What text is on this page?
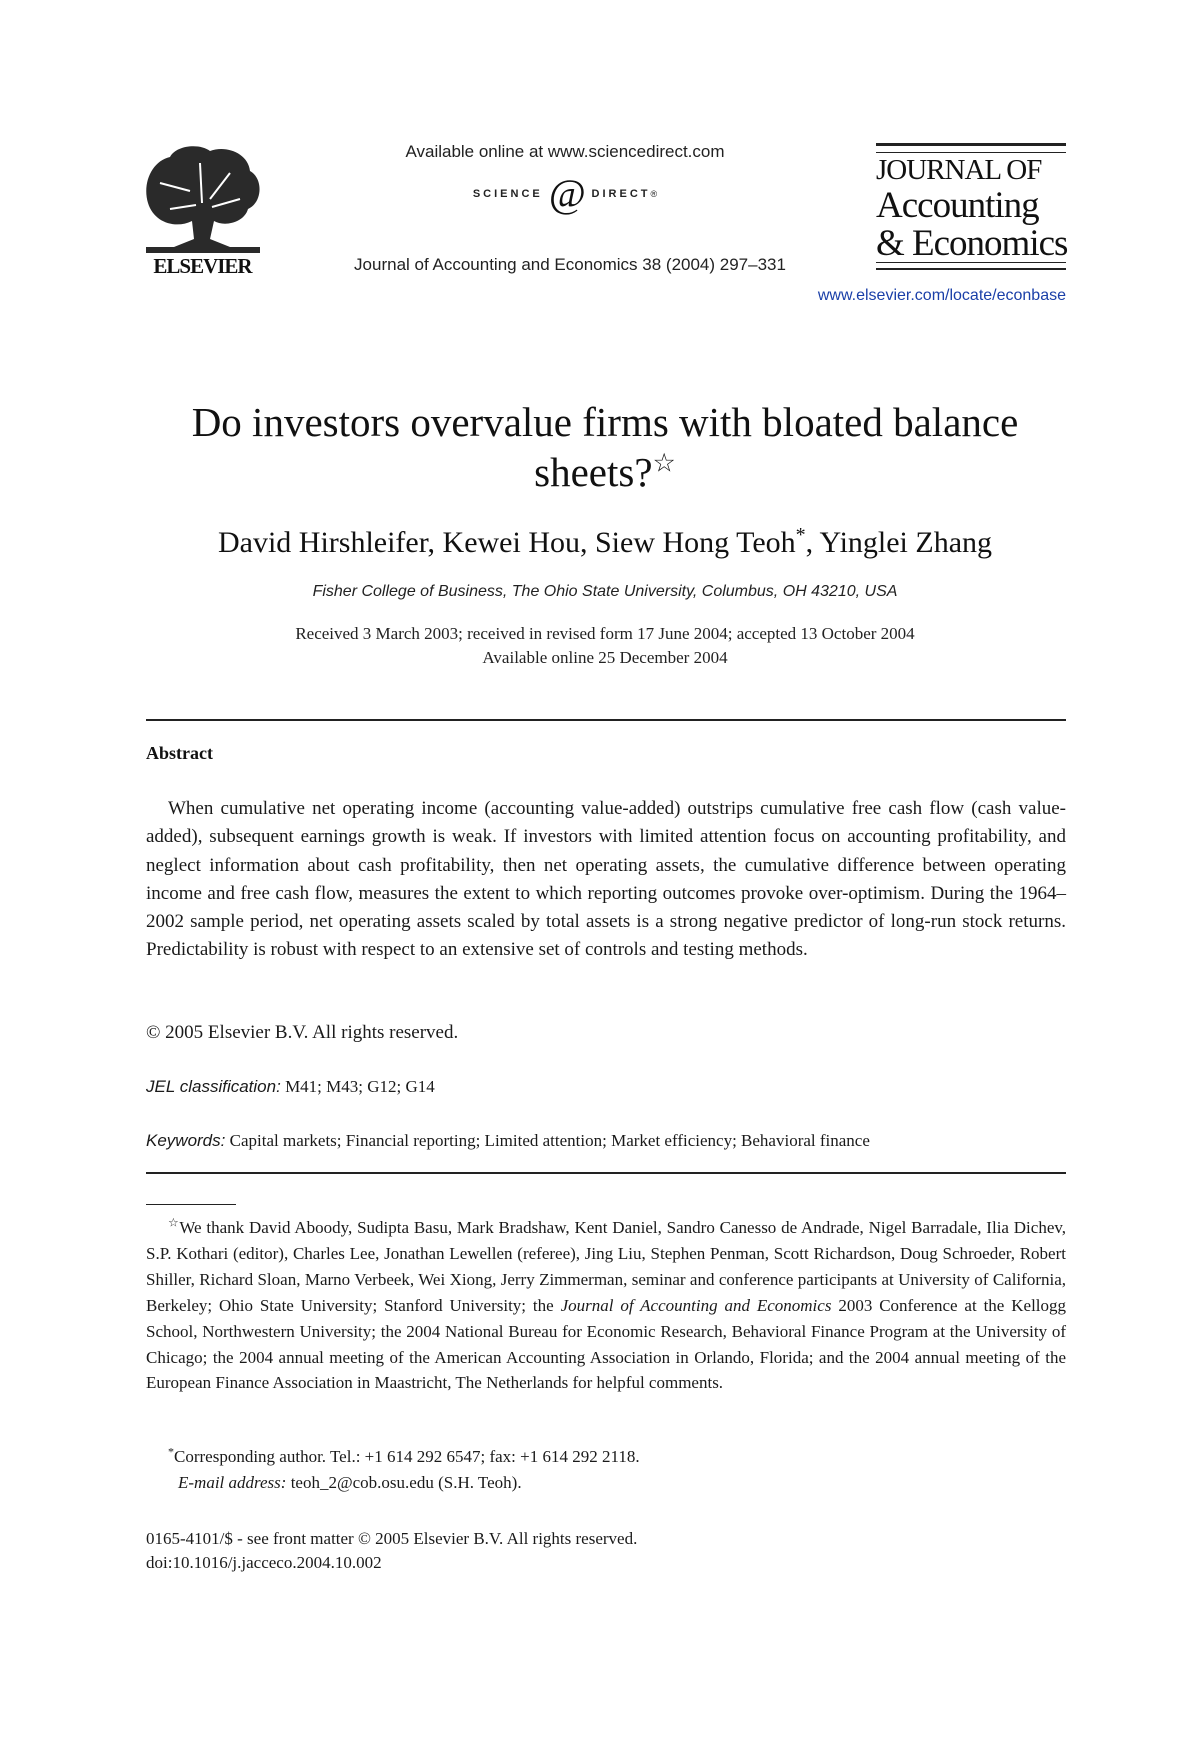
ELSEVIER
Available online at www.sciencedirect.com
SCIENCE @ DIRECT ®
Journal of Accounting and Economics 38 (2004) 297–331
JOURNAL OF
Accounting
& Economics
www.elsevier.com/locate/econbase
Do investors overvalue firms with bloated balance sheets?☆
David Hirshleifer, Kewei Hou, Siew Hong Teoh*, Yinglei Zhang
Fisher College of Business, The Ohio State University, Columbus, OH 43210, USA
Received 3 March 2003; received in revised form 17 June 2004; accepted 13 October 2004
Available online 25 December 2004
Abstract
When cumulative net operating income (accounting value-added) outstrips cumulative free cash flow (cash value-added), subsequent earnings growth is weak. If investors with limited attention focus on accounting profitability, and neglect information about cash profitability, then net operating assets, the cumulative difference between operating income and free cash flow, measures the extent to which reporting outcomes provoke over-optimism. During the 1964–2002 sample period, net operating assets scaled by total assets is a strong negative predictor of long-run stock returns. Predictability is robust with respect to an extensive set of controls and testing methods.
© 2005 Elsevier B.V. All rights reserved.
JEL classification: M41; M43; G12; G14
Keywords: Capital markets; Financial reporting; Limited attention; Market efficiency; Behavioral finance
☆We thank David Aboody, Sudipta Basu, Mark Bradshaw, Kent Daniel, Sandro Canesso de Andrade, Nigel Barradale, Ilia Dichev, S.P. Kothari (editor), Charles Lee, Jonathan Lewellen (referee), Jing Liu, Stephen Penman, Scott Richardson, Doug Schroeder, Robert Shiller, Richard Sloan, Marno Verbeek, Wei Xiong, Jerry Zimmerman, seminar and conference participants at University of California, Berkeley; Ohio State University; Stanford University; the Journal of Accounting and Economics 2003 Conference at the Kellogg School, Northwestern University; the 2004 National Bureau for Economic Research, Behavioral Finance Program at the University of Chicago; the 2004 annual meeting of the American Accounting Association in Orlando, Florida; and the 2004 annual meeting of the European Finance Association in Maastricht, The Netherlands for helpful comments.
*Corresponding author. Tel.: +1 614 292 6547; fax: +1 614 292 2118.
E-mail address: teoh_2@cob.osu.edu (S.H. Teoh).
0165-4101/$ - see front matter © 2005 Elsevier B.V. All rights reserved.
doi:10.1016/j.jacceco.2004.10.002
